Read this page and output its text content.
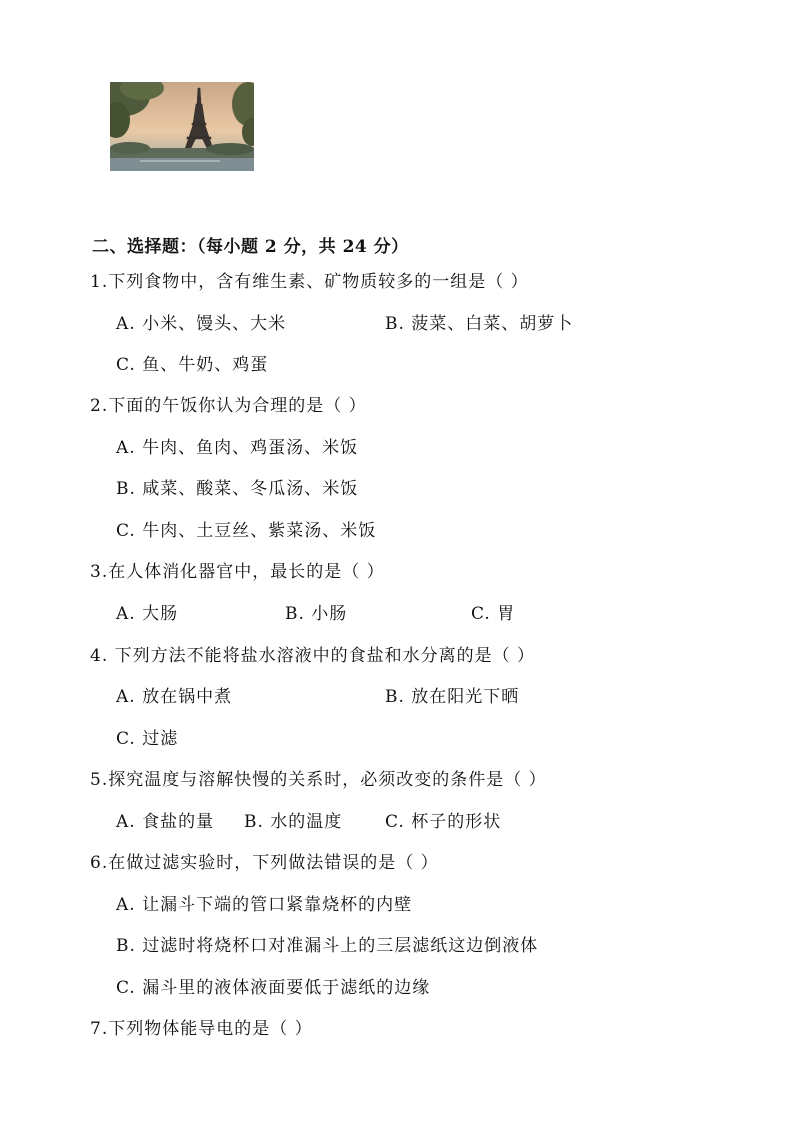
二、选择题：（每小题 2 分，共 24 分）
1.下列食物中，含有维生素、矿物质较多的一组是（ ）
A. 小米、馒头、大米	B. 菠菜、白菜、胡萝卜
C. 鱼、牛奶、鸡蛋
2.下面的午饭你认为合理的是（ ）
A. 牛肉、鱼肉、鸡蛋汤、米饭
B. 咸菜、酸菜、冬瓜汤、米饭
C. 牛肉、土豆丝、紫菜汤、米饭
3.在人体消化器官中，最长的是（ ）
A. 大肠	B. 小肠	C. 胃
4. 下列方法不能将盐水溶液中的食盐和水分离的是（ ）
A. 放在锅中煮	B. 放在阳光下晒
C. 过滤
5.探究温度与溶解快慢的关系时，必须改变的条件是（ ）
A. 食盐的量 B. 水的温度	C. 杯子的形状
6.在做过滤实验时，下列做法错误的是（ ）
A. 让漏斗下端的管口紧靠烧杯的内壁
B. 过滤时将烧杯口对准漏斗上的三层滤纸这边倒液体
C. 漏斗里的液体液面要低于滤纸的边缘
7.下列物体能导电的是（ ）
